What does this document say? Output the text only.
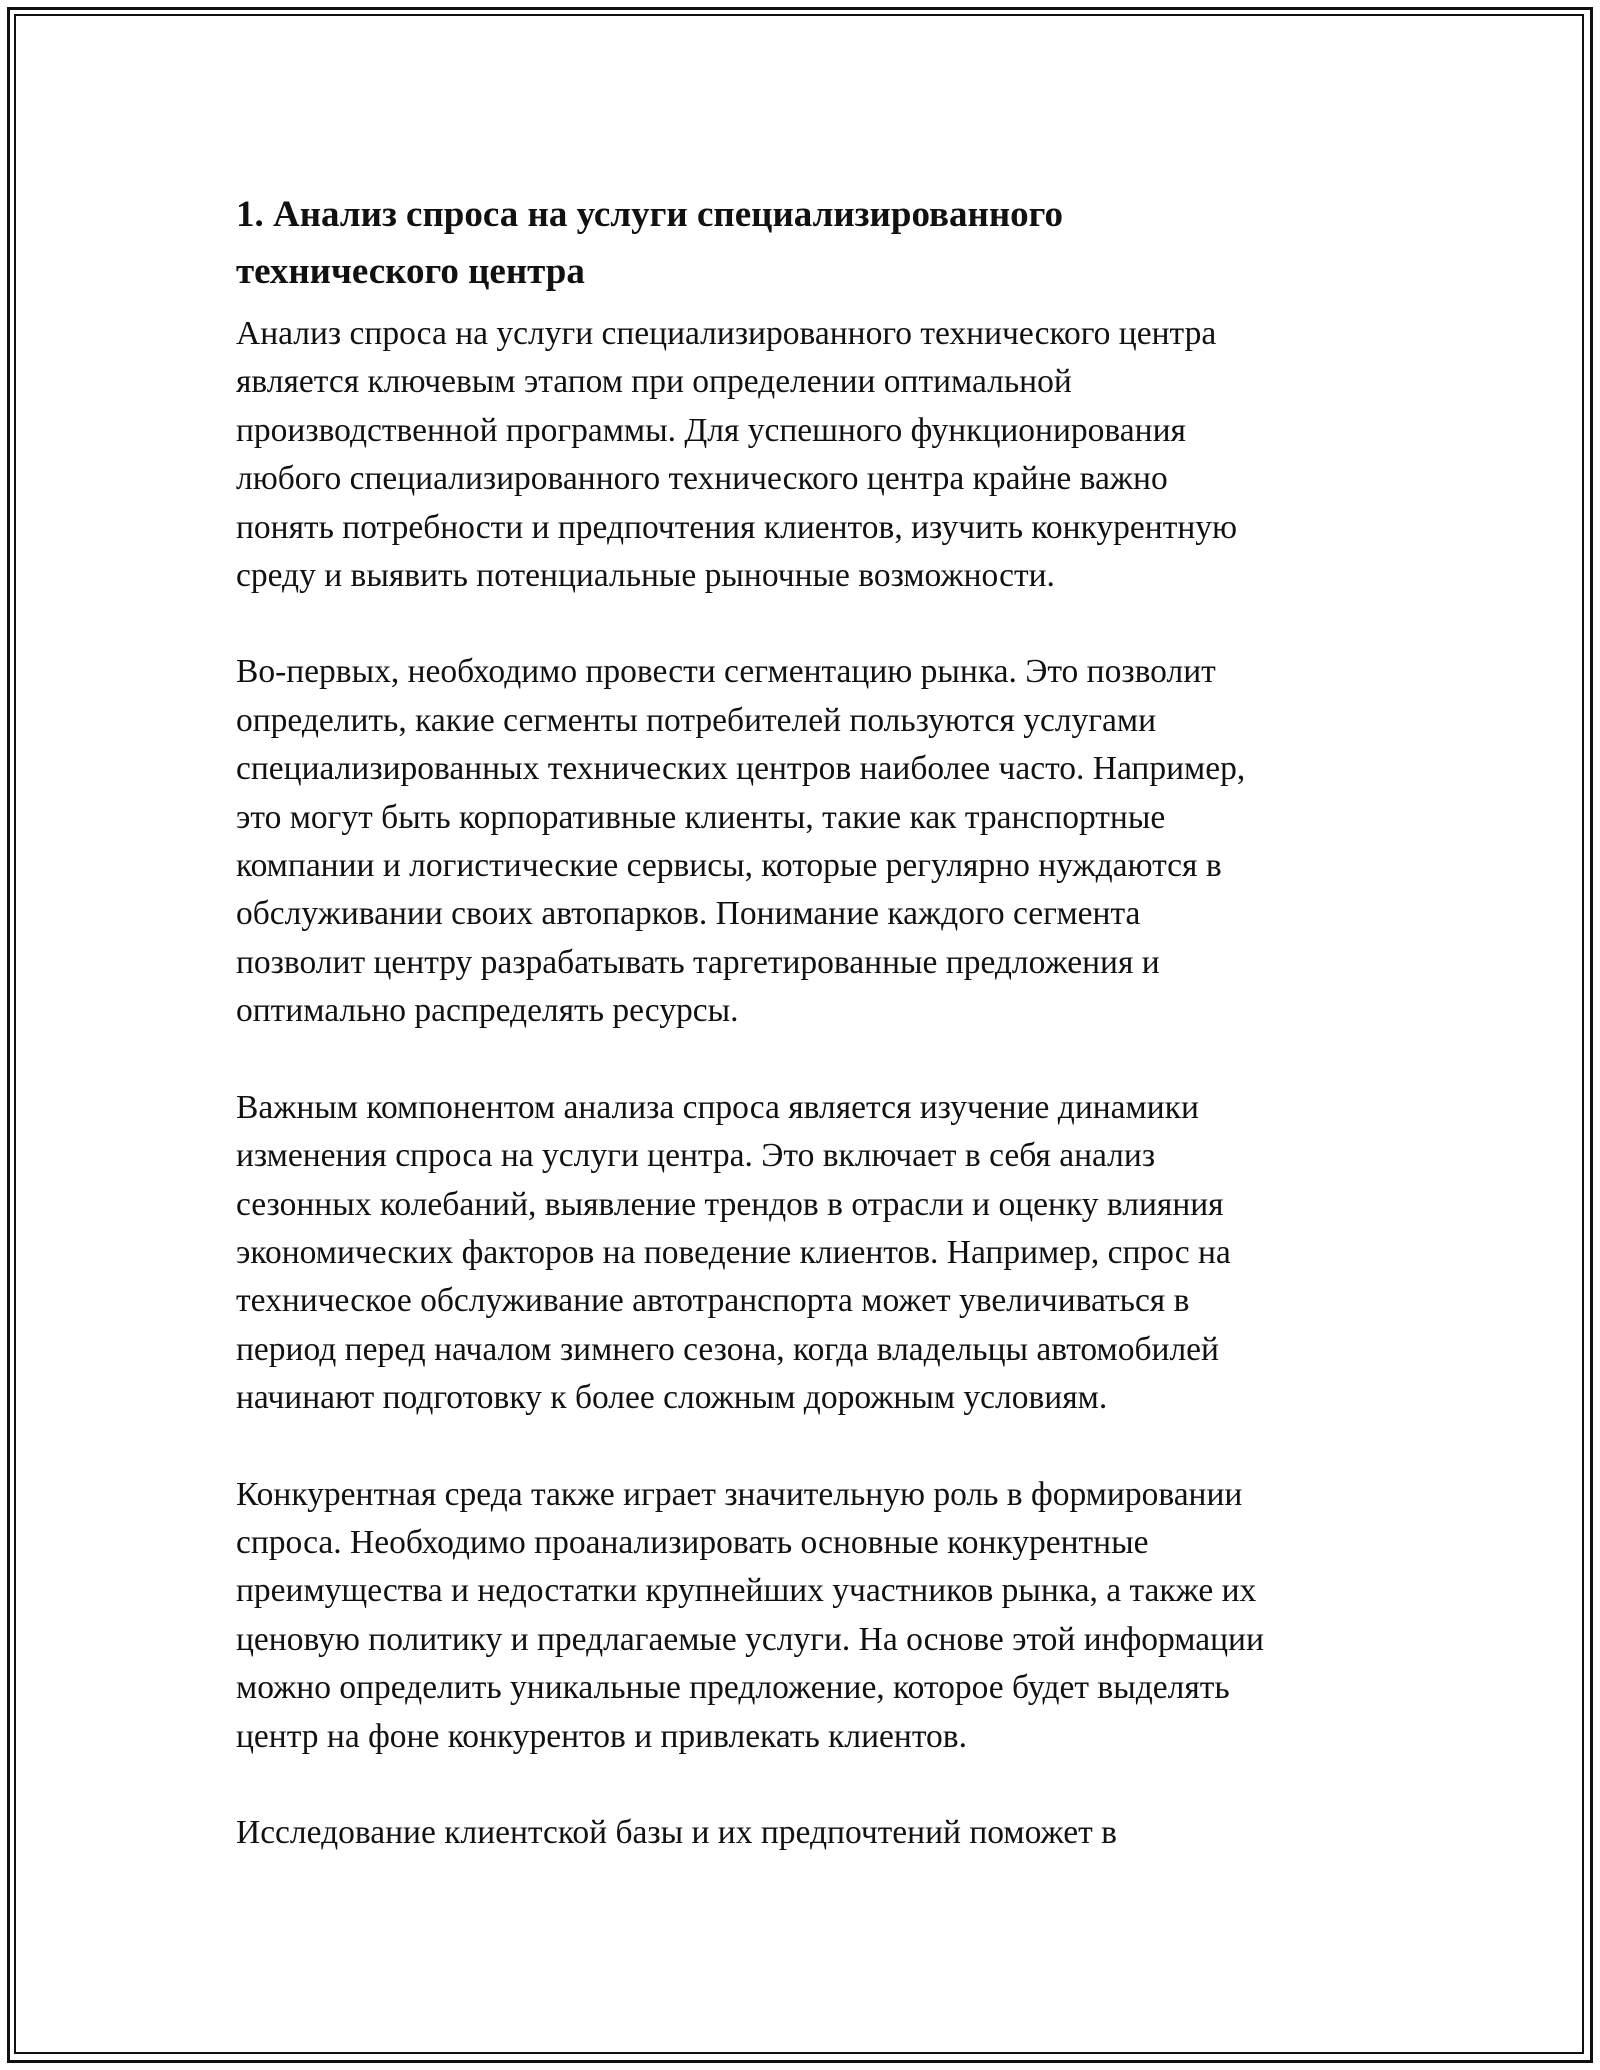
1. Анализ спроса на услуги специализированного
технического центра

Анализ спроса на услуги специализированного технического центра
является ключевым этапом при определении оптимальной
производственной программы. Для успешного функционирования
любого специализированного технического центра крайне важно
понять потребности и предпочтения клиентов, изучить конкурентную
среду и выявить потенциальные рыночные возможности.

Во-первых, необходимо провести сегментацию рынка. Это позволит
определить, какие сегменты потребителей пользуются услугами
специализированных технических центров наиболее часто. Например,
это могут быть корпоративные клиенты, такие как транспортные
компании и логистические сервисы, которые регулярно нуждаются в
обслуживании своих автопарков. Понимание каждого сегмента
позволит центру разрабатывать таргетированные предложения и
оптимально распределять ресурсы.

Важным компонентом анализа спроса является изучение динамики
изменения спроса на услуги центра. Это включает в себя анализ
сезонных колебаний, выявление трендов в отрасли и оценку влияния
экономических факторов на поведение клиентов. Например, спрос на
техническое обслуживание автотранспорта может увеличиваться в
период перед началом зимнего сезона, когда владельцы автомобилей
начинают подготовку к более сложным дорожным условиям.

Конкурентная среда также играет значительную роль в формировании
спроса. Необходимо проанализировать основные конкурентные
преимущества и недостатки крупнейших участников рынка, а также их
ценовую политику и предлагаемые услуги. На основе этой информации
можно определить уникальные предложение, которое будет выделять
центр на фоне конкурентов и привлекать клиентов.

Исследование клиентской базы и их предпочтений поможет в
